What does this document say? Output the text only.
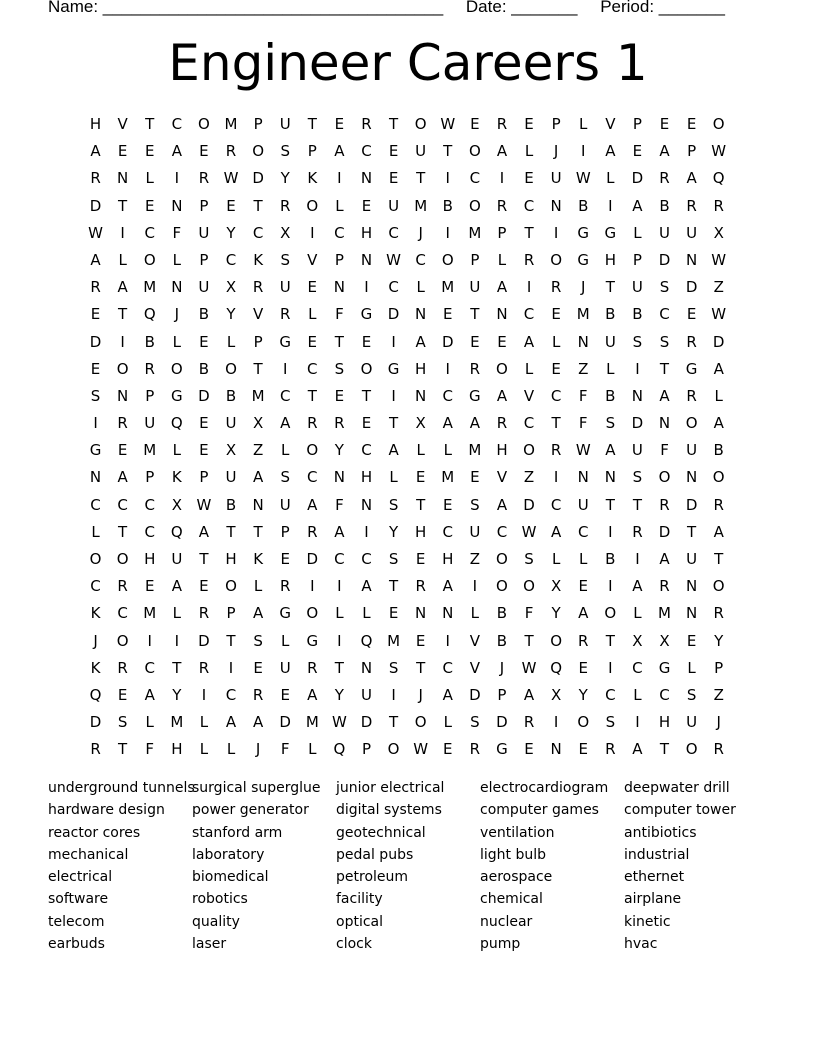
Name: ____________________________________ Date: _______ Period: _______
Engineer Careers 1
H	V	T	C	O M	P	U	T	E	R	T	O W E	R	E	P	L	V	P	E	E	O
A	E	E	A	E	R	O	S	P	A	C	E	U	T	O	A	L	J	I	A	E	A	P	W
R	N	L	I	R W D	Y	K	I	N	E	T	I	C	I	E	U W	L	D	R	A	Q
D	T	E	N	P	E	T	R	O	L	E	U	M	B	O	R	C	N	B	I	A	B	R	R
W	I	C	F	U	Y	C	X	I	C	H	C	J	I	M	P	T	I	G	G	L	U	U	X
A	L	O	L	P	C	K	S	V	P	N W C	O	P	L	R	O	G	H	P	D	N W
R	A	M	N	U	X	R	U	E	N	I	C	L	M	U	A	I	R	J	T	U	S	D	Z
E	T	Q	J	B	Y	V	R	L	F	G	D	N	E	T	N	C	E	M	B	B	C	E W
D	I	B	L	E	L	P	G	E	T	E	I	A	D	E	E	A	L	N	U	S	S	R	D
E	O	R	O	B	O	T	I	C	S	O	G	H	I	R	O	L	E	Z	L	I	T	G	A
S	N	P	G	D	B	M	C	T	E	T	I	N	C	G	A	V	C	F	B	N	A	R	L
I	R	U	Q	E	U	X	A	R	R	E	T	X	A	A	R	C	T	F	S	D	N	O	A
G	E	M	L	E	X	Z	L	O	Y	C	A	L	L	M H	O	R W A	U	F	U	B
N	A	P	K	P	U	A	S	C	N	H	L	E	M	E	V	Z	I	N	N	S	O	N	O
C	C	C	X W B	N	U	A	F	N	S	T	E	S	A	D	C	U	T	T	R	D	R
L	T	C	Q	A	T	T	P	R	A	I	Y	H	C	U	C W A	C	I	R	D	T	A
O	O	H	U	T	H	K	E	D	C	C	S	E	H	Z	O	S	L	L	B	I	A	U	T
C	R	E	A	E	O	L	R	I	I	A	T	R	A	I	O	O	X	E	I	A	R	N	O
K	C	M	L	R	P	A	G	O	L	L	E	N	N	L	B	F	Y	A	O	L	M	N	R
J	O	I	I	D	T	S	L	G	I	Q M	E	I	V	B	T	O	R	T	X	X	E	Y
K	R	C	T	R	I	E	U	R	T	N	S	T	C	V	J	W Q	E	I	C	G	L	P
Q	E	A	Y	I	C	R	E	A	Y	U	I	J	A	D	P	A	X	Y	C	L	C	S	Z
D	S	L	M	L	A	A	D M W D	T	O	L	S	D	R	I	O	S	I	H	U	J
R	T	F	H	L	L	J	F	L	Q	P	O W E	R	G	E	N	E	R	A	T	O	R
underground tunnels
hardware design
reactor cores
mechanical
electrical
software
telecom
earbuds
surgical superglue
power generator
stanford arm
laboratory
biomedical
robotics
quality
laser
junior electrical
digital systems
geotechnical
pedal pubs
petroleum
facility
optical
clock
electrocardiogram
computer games
ventilation
light bulb
aerospace
chemical
nuclear
pump
deepwater drill
computer tower
antibiotics
industrial
ethernet
airplane
kinetic
hvac
